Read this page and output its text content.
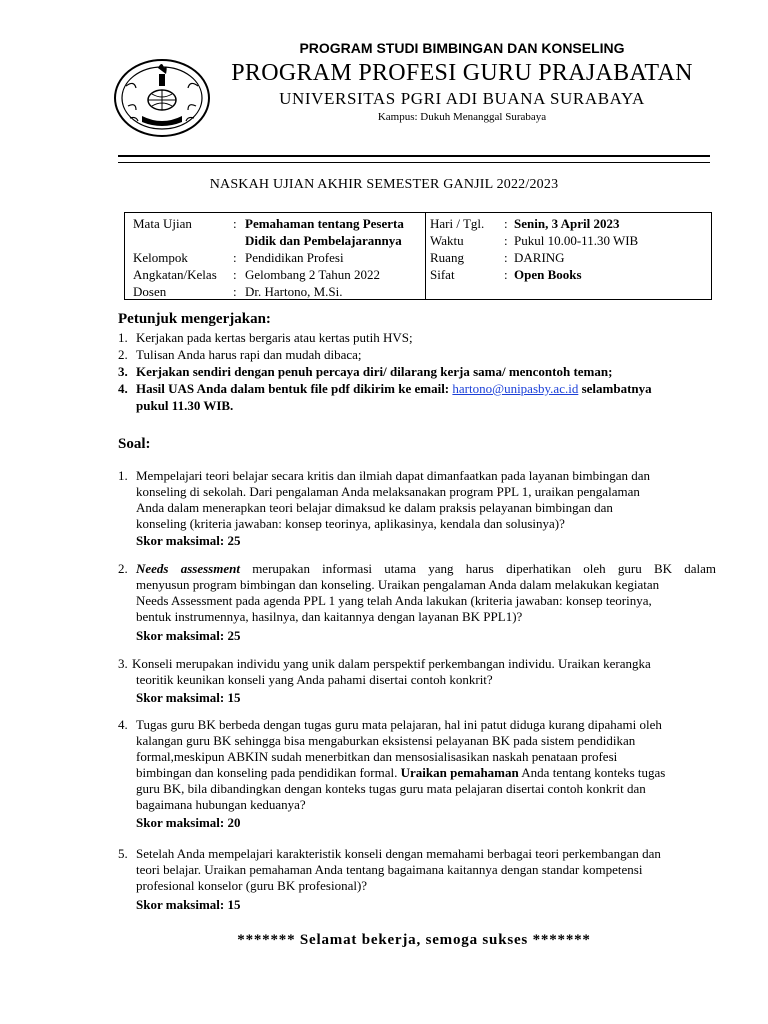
PROGRAM STUDI BIMBINGAN DAN KONSELING
PROGRAM PROFESI GURU PRAJABATAN
UNIVERSITAS PGRI ADI BUANA SURABAYA
Kampus: Dukuh Menanggal Surabaya
NASKAH UJIAN AKHIR SEMESTER GANJIL 2022/2023
Mata Ujian	: Pemahaman tentang Peserta
Didik dan Pembelajarannya
Kelompok	: Pendidikan Profesi
Angkatan/Kelas : Gelombang 2 Tahun 2022
Dosen	: Dr. Hartono, M.Si.
Hari / Tgl. : Senin, 3 April 2023
Waktu	: Pukul 10.00-11.30 WIB
Ruang	: DARING
Sifat	: Open Books
Petunjuk mengerjakan:
1. Kerjakan pada kertas bergaris atau kertas putih HVS;
2. Tulisan Anda harus rapi dan mudah dibaca;
3. Kerjakan sendiri dengan penuh percaya diri/ dilarang kerja sama/ mencontoh teman;
4. Hasil UAS Anda dalam bentuk file pdf dikirim ke email: hartono@unipasby.ac.id selambatnya
pukul 11.30 WIB.
Soal:
1. Mempelajari teori belajar secara kritis dan ilmiah dapat dimanfaatkan pada layanan bimbingan dan
konseling di sekolah. Dari pengalaman Anda melaksanakan program PPL 1, uraikan pengalaman
Anda dalam menerapkan teori belajar dimaksud ke dalam praksis pelayanan bimbingan dan
konseling (kriteria jawaban: konsep teorinya, aplikasinya, kendala dan solusinya)?
Skor maksimal: 25
2. Needs assessment merupakan informasi utama yang harus diperhatikan oleh guru BK dalam
menyusun program bimbingan dan konseling. Uraikan pengalaman Anda dalam melakukan kegiatan
Needs Assessment pada agenda PPL 1 yang telah Anda lakukan (kriteria jawaban: konsep teorinya,
bentuk instrumennya, hasilnya, dan kaitannya dengan layanan BK PPL1)?
Skor maksimal: 25
3. Konseli merupakan individu yang unik dalam perspektif perkembangan individu. Uraikan kerangka
teoritik keunikan konseli yang Anda pahami disertai contoh konkrit?
Skor maksimal: 15
4. Tugas guru BK berbeda dengan tugas guru mata pelajaran, hal ini patut diduga kurang dipahami oleh
kalangan guru BK sehingga bisa mengaburkan eksistensi pelayanan BK pada sistem pendidikan
formal,meskipun ABKIN sudah menerbitkan dan mensosialisasikan naskah penataan profesi
bimbingan dan konseling pada pendidikan formal. Uraikan pemahaman Anda tentang konteks tugas
guru BK, bila dibandingkan dengan konteks tugas guru mata pelajaran disertai contoh konkrit dan
bagaimana hubungan keduanya?
Skor maksimal: 20
5. Setelah Anda mempelajari karakteristik konseli dengan memahami berbagai teori perkembangan dan
teori belajar. Uraikan pemahaman Anda tentang bagaimana kaitannya dengan standar kompetensi
profesional konselor (guru BK profesional)?
Skor maksimal: 15
******* Selamat bekerja, semoga sukses *******
